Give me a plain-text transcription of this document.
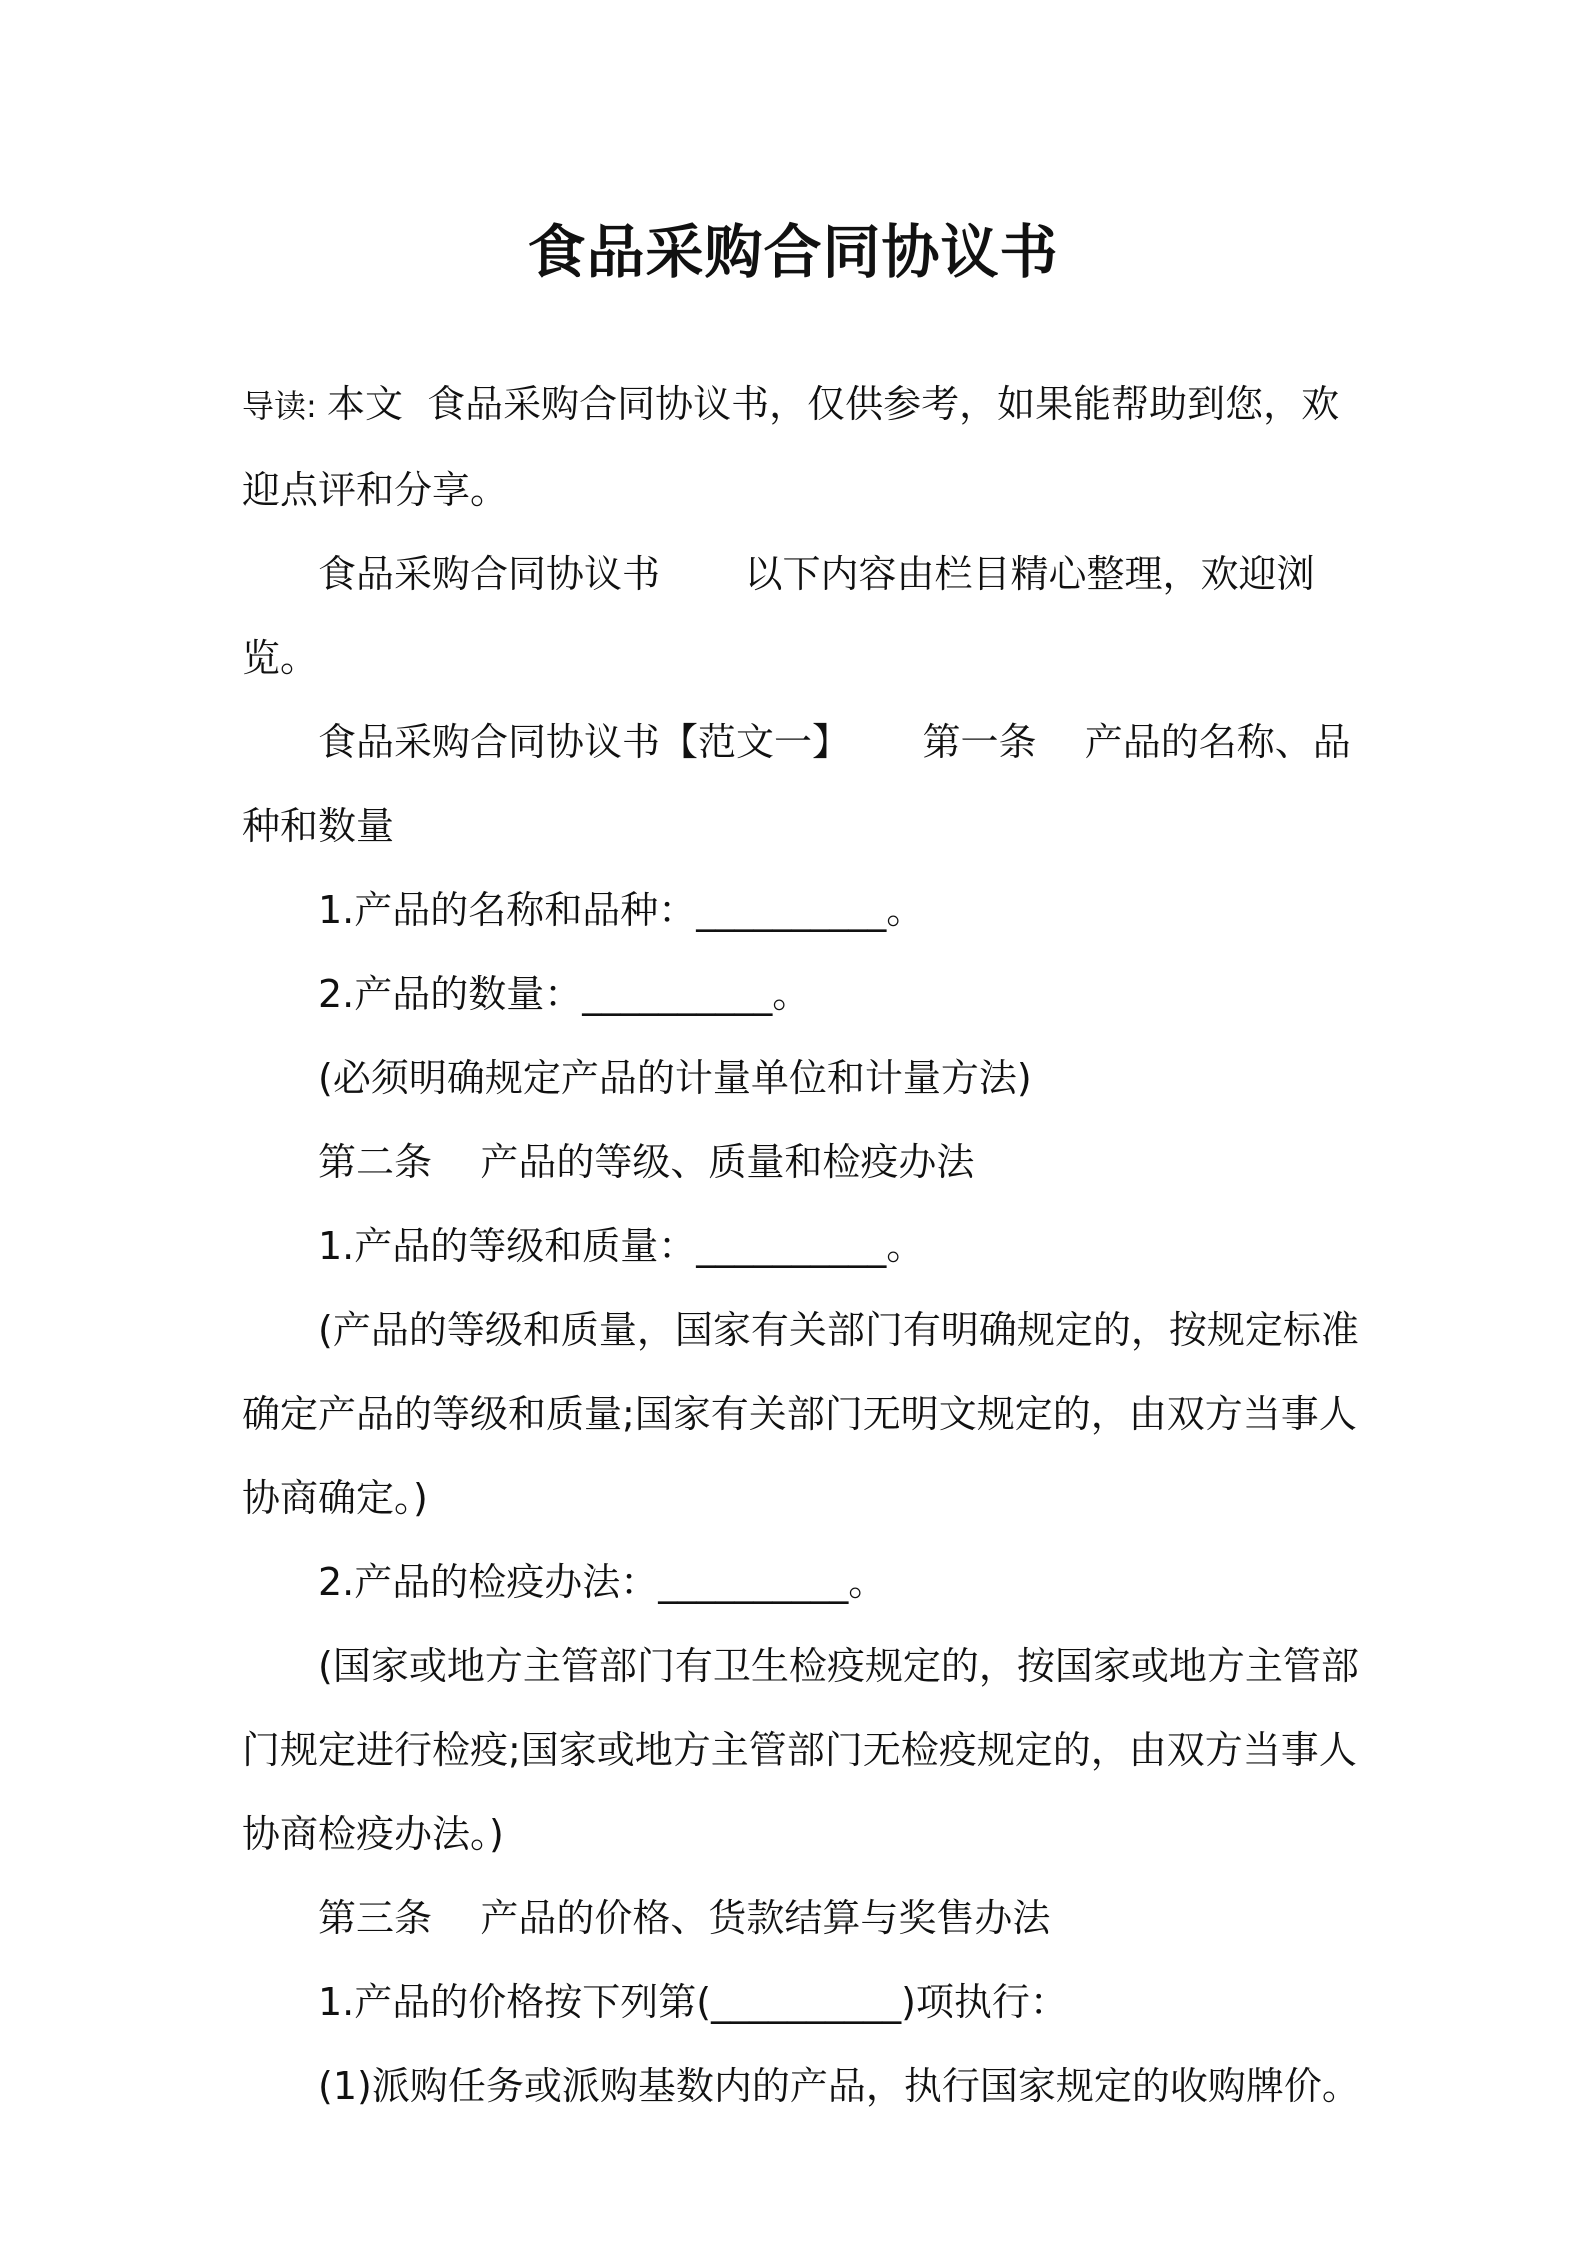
食品采购合同协议书

导读: 本文  食品采购合同协议书，仅供参考，如果能帮助到您，欢迎点评和分享。

食品采购合同协议书       以下内容由栏目精心整理，欢迎浏览。

食品采购合同协议书【范文一】      第一条    产品的名称、品种和数量

1.产品的名称和品种：__________。

2.产品的数量：__________。

(必须明确规定产品的计量单位和计量方法)

第二条    产品的等级、质量和检疫办法

1.产品的等级和质量：__________。

(产品的等级和质量，国家有关部门有明确规定的，按规定标准确定产品的等级和质量;国家有关部门无明文规定的，由双方当事人协商确定。)

2.产品的检疫办法：__________。

(国家或地方主管部门有卫生检疫规定的，按国家或地方主管部门规定进行检疫;国家或地方主管部门无检疫规定的，由双方当事人协商检疫办法。)

第三条    产品的价格、货款结算与奖售办法

1.产品的价格按下列第(__________)项执行：

(1)派购任务或派购基数内的产品，执行国家规定的收购牌价。
